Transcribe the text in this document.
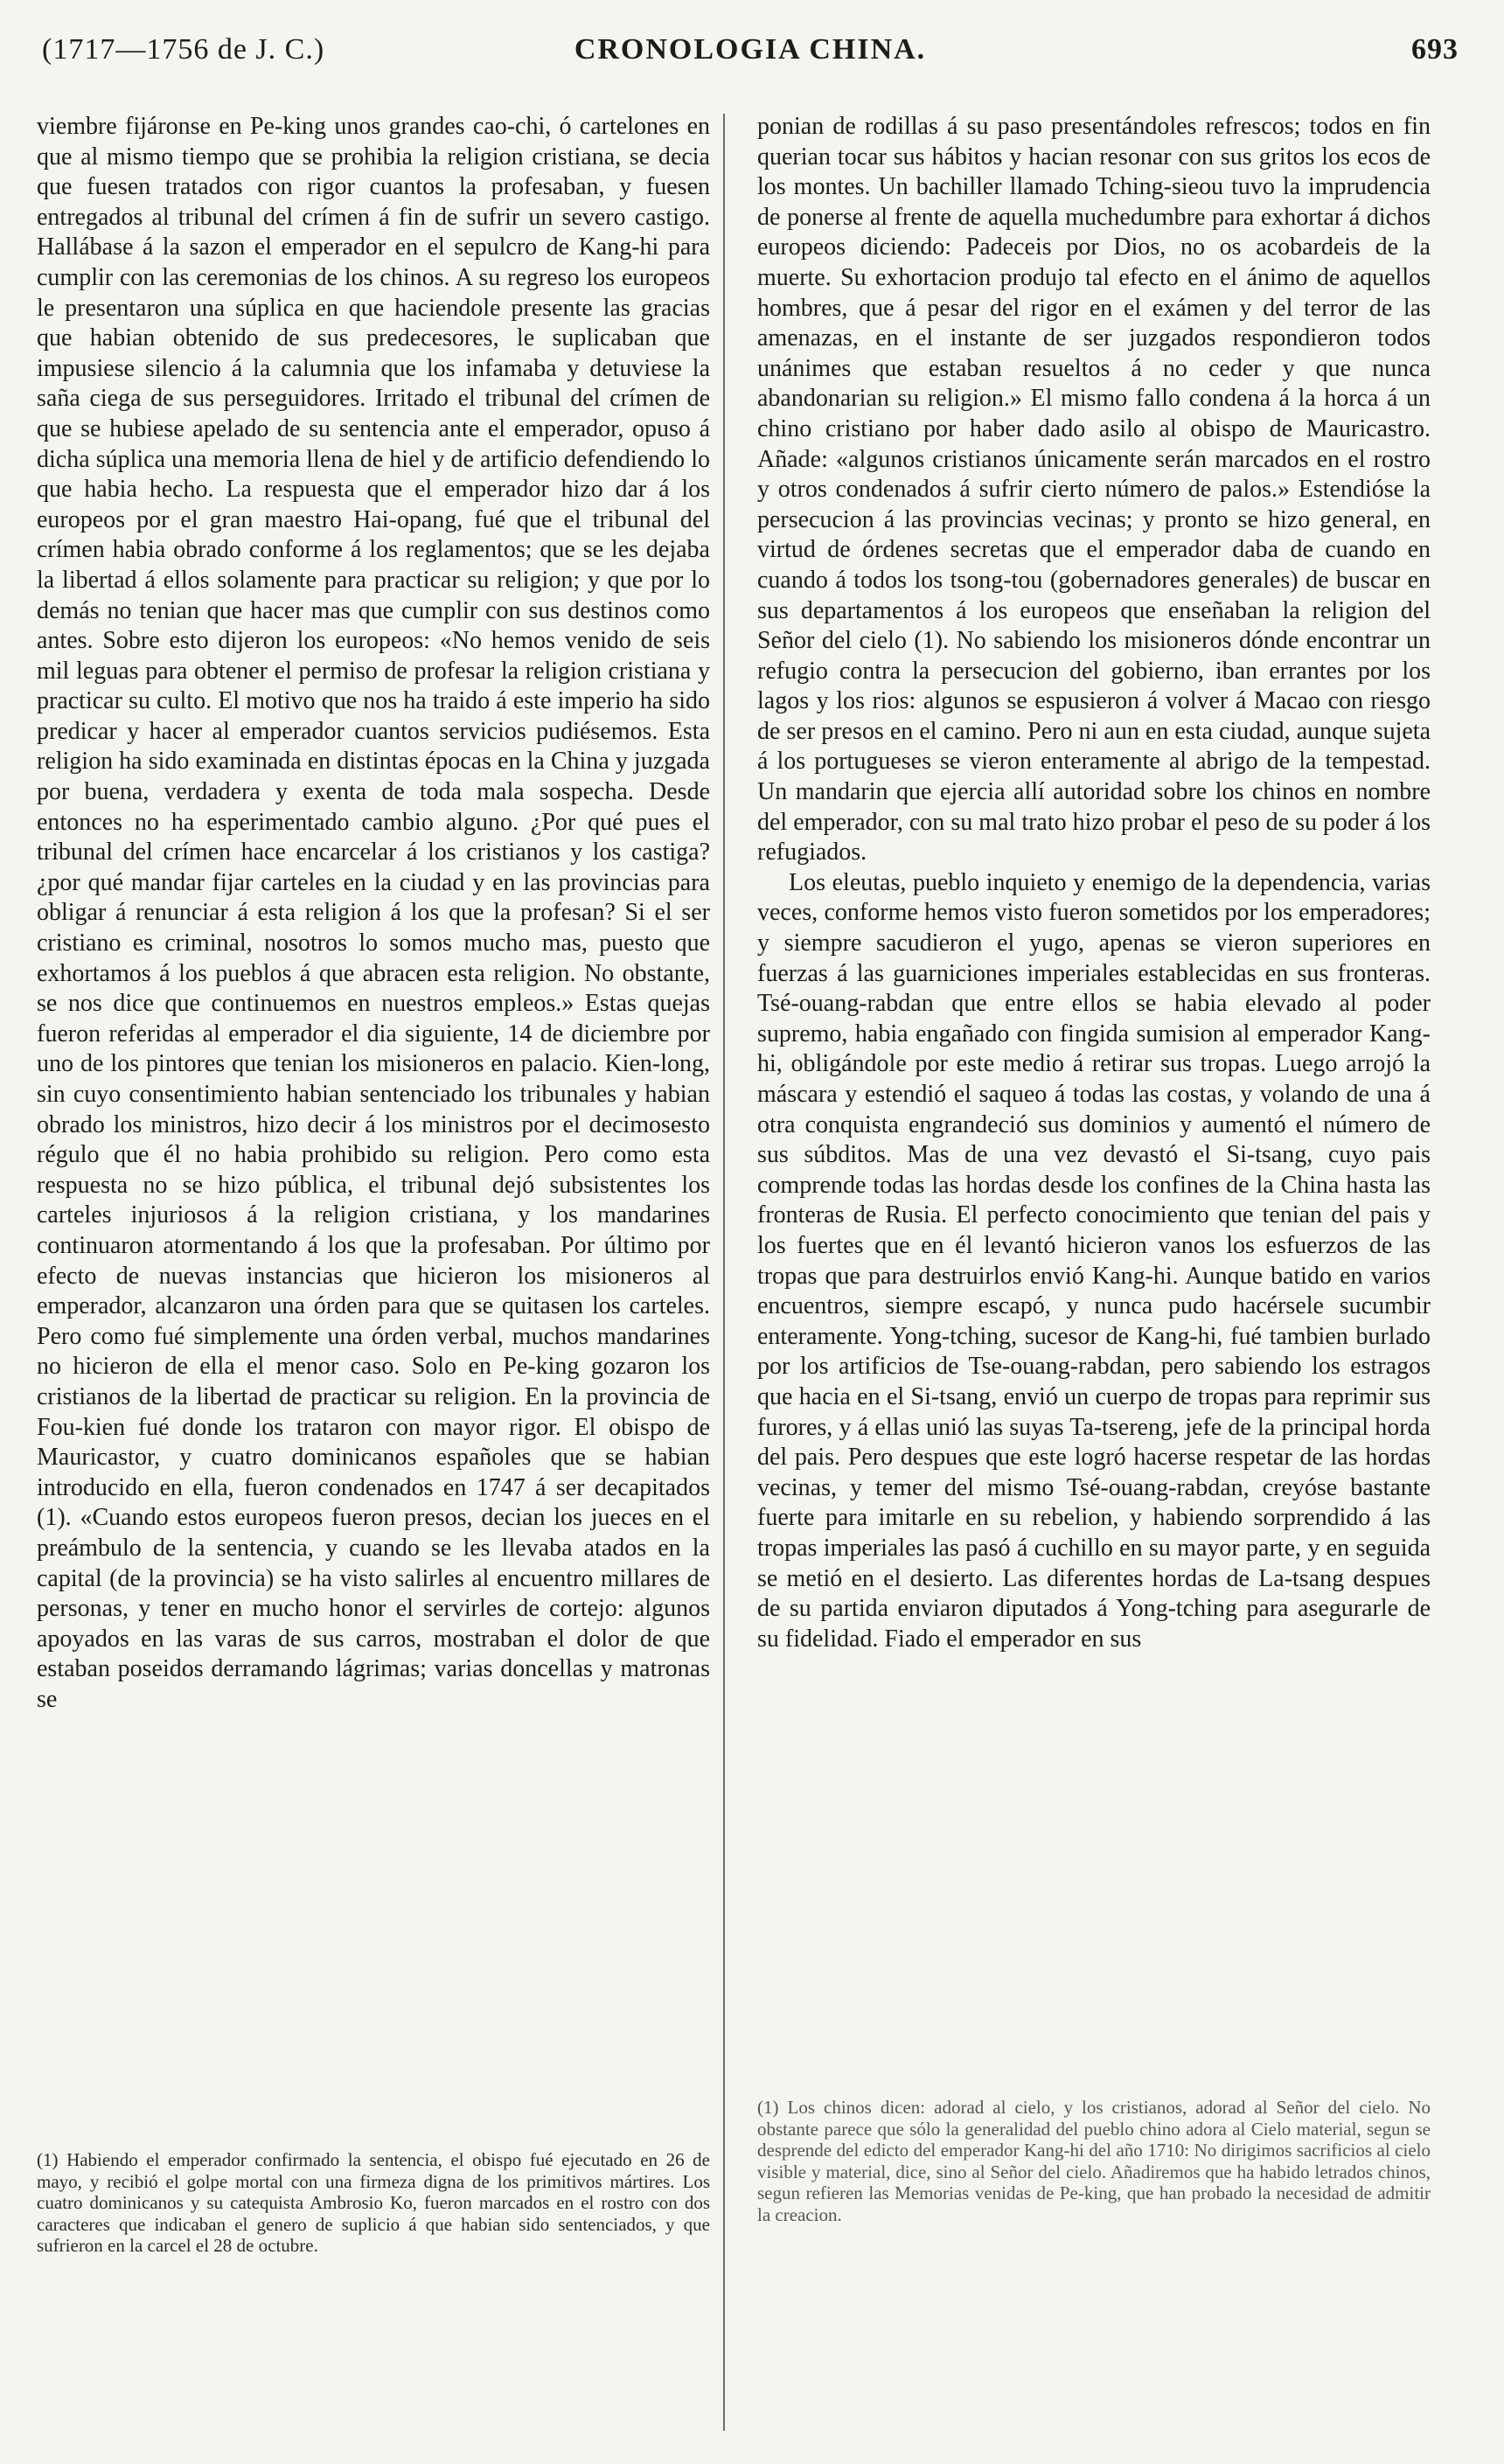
(1717—1756 de J. C.)	CRONOLOGIA CHINA.	693

viembre fijáronse en Pe-king unos grandes cao-chi, ó cartelones en que al mismo tiempo que se prohibia la religion cristiana, se decia que fuesen tratados con rigor cuantos la profesaban, y fuesen entregados al tribunal del crímen á fin de sufrir un severo castigo. Hallábase á la sazon el emperador en el sepulcro de Kang-hi para cumplir con las ceremonias de los chinos. A su regreso los europeos le presentaron una súplica en que haciendole presente las gracias que habian obtenido de sus predecesores, le suplicaban que impusiese silencio á la calumnia que los infamaba y detuviese la saña ciega de sus perseguidores. Irritado el tribunal del crímen de que se hubiese apelado de su sentencia ante el emperador, opuso á dicha súplica una memoria llena de hiel y de artificio defendiendo lo que habia hecho. La respuesta que el emperador hizo dar á los europeos por el gran maestro Hai-opang, fué que el tribunal del crímen habia obrado conforme á los reglamentos; que se les dejaba la libertad á ellos solamente para practicar su religion; y que por lo demás no tenian que hacer mas que cumplir con sus destinos como antes. Sobre esto dijeron los europeos: «No hemos venido de seis mil leguas para obtener el permiso de profesar la religion cristiana y practicar su culto. El motivo que nos ha traido á este imperio ha sido predicar y hacer al emperador cuantos servicios pudiésemos. Esta religion ha sido examinada en distintas épocas en la China y juzgada por buena, verdadera y exenta de toda mala sospecha. Desde entonces no ha esperimentado cambio alguno. ¿Por qué pues el tribunal del crímen hace encarcelar á los cristianos y los castiga? ¿por qué mandar fijar carteles en la ciudad y en las provincias para obligar á renunciar á esta religion á los que la profesan? Si el ser cristiano es criminal, nosotros lo somos mucho mas, puesto que exhortamos á los pueblos á que abracen esta religion. No obstante, se nos dice que continuemos en nuestros empleos.» Estas quejas fueron referidas al emperador el dia siguiente, 14 de diciembre por uno de los pintores que tenian los misioneros en palacio. Kien-long, sin cuyo consentimiento habian sentenciado los tribunales y habian obrado los ministros, hizo decir á los ministros por el decimosesto régulo que él no habia prohibido su religion. Pero como esta respuesta no se hizo pública, el tribunal dejó subsistentes los carteles injuriosos á la religion cristiana, y los mandarines continuaron atormentando á los que la profesaban. Por último por efecto de nuevas instancias que hicieron los misioneros al emperador, alcanzaron una órden para que se quitasen los carteles. Pero como fué simplemente una órden verbal, muchos mandarines no hicieron de ella el menor caso. Solo en Pe-king gozaron los cristianos de la libertad de practicar su religion. En la provincia de Fou-kien fué donde los trataron con mayor rigor. El obispo de Mauricastor, y cuatro dominicanos españoles que se habian introducido en ella, fueron condenados en 1747 á ser decapitados (1). «Cuando estos europeos fueron presos, decian los jueces en el preámbulo de la sentencia, y cuando se les llevaba atados en la capital (de la provincia) se ha visto salirles al encuentro millares de personas, y tener en mucho honor el servirles de cortejo: algunos apoyados en las varas de sus carros, mostraban el dolor de que estaban poseidos derramando lágrimas; varias doncellas y matronas se

ponian de rodillas á su paso presentándoles refrescos; todos en fin querian tocar sus hábitos y hacian resonar con sus gritos los ecos de los montes. Un bachiller llamado Tching-sieou tuvo la imprudencia de ponerse al frente de aquella muchedumbre para exhortar á dichos europeos diciendo: Padeceis por Dios, no os acobardeis de la muerte. Su exhortacion produjo tal efecto en el ánimo de aquellos hombres, que á pesar del rigor en el exámen y del terror de las amenazas, en el instante de ser juzgados respondieron todos unánimes que estaban resueltos á no ceder y que nunca abandonarian su religion.» El mismo fallo condena á la horca á un chino cristiano por haber dado asilo al obispo de Mauricastro. Añade: «algunos cristianos únicamente serán marcados en el rostro y otros condenados á sufrir cierto número de palos.» Estendióse la persecucion á las provincias vecinas; y pronto se hizo general, en virtud de órdenes secretas que el emperador daba de cuando en cuando á todos los tsong-tou (gobernadores generales) de buscar en sus departamentos á los europeos que enseñaban la religion del Señor del cielo (1). No sabiendo los misioneros dónde encontrar un refugio contra la persecucion del gobierno, iban errantes por los lagos y los rios: algunos se espusieron á volver á Macao con riesgo de ser presos en el camino. Pero ni aun en esta ciudad, aunque sujeta á los portugueses se vieron enteramente al abrigo de la tempestad. Un mandarin que ejercia allí autoridad sobre los chinos en nombre del emperador, con su mal trato hizo probar el peso de su poder á los refugiados.

Los eleutas, pueblo inquieto y enemigo de la dependencia, varias veces, conforme hemos visto fueron sometidos por los emperadores; y siempre sacudieron el yugo, apenas se vieron superiores en fuerzas á las guarniciones imperiales establecidas en sus fronteras. Tsé-ouang-rabdan que entre ellos se habia elevado al poder supremo, habia engañado con fingida sumision al emperador Kang-hi, obligándole por este medio á retirar sus tropas. Luego arrojó la máscara y estendió el saqueo á todas las costas, y volando de una á otra conquista engrandeció sus dominios y aumentó el número de sus súbditos. Mas de una vez devastó el Si-tsang, cuyo pais comprende todas las hordas desde los confines de la China hasta las fronteras de Rusia. El perfecto conocimiento que tenian del pais y los fuertes que en él levantó hicieron vanos los esfuerzos de las tropas que para destruirlos envió Kang-hi. Aunque batido en varios encuentros, siempre escapó, y nunca pudo hacérsele sucumbir enteramente. Yong-tching, sucesor de Kang-hi, fué tambien burlado por los artificios de Tse-ouang-rabdan, pero sabiendo los estragos que hacia en el Si-tsang, envió un cuerpo de tropas para reprimir sus furores, y á ellas unió las suyas Ta-tsereng, jefe de la principal horda del pais. Pero despues que este logró hacerse respetar de las hordas vecinas, y temer del mismo Tsé-ouang-rabdan, creyóse bastante fuerte para imitarle en su rebelion, y habiendo sorprendido á las tropas imperiales las pasó á cuchillo en su mayor parte, y en seguida se metió en el desierto. Las diferentes hordas de La-tsang despues de su partida enviaron diputados á Yong-tching para asegurarle de su fidelidad. Fiado el emperador en sus

(1) Habiendo el emperador confirmado la sentencia, el obispo fué ejecutado en 26 de mayo, y recibió el golpe mortal con una firmeza digna de los primitivos mártires. Los cuatro dominicanos y su catequista Ambrosio Ko, fueron marcados en el rostro con dos caracteres que indicaban el genero de suplicio á que habian sido sentenciados, y que sufrieron en la carcel el 28 de octubre.
(1) Los chinos dicen: adorad al cielo, y los cristianos, adorad al Señor del cielo. No obstante parece que sólo la generalidad del pueblo chino adora al Cielo material, segun se desprende del edicto del emperador Kang-hi del año 1710: No dirigimos sacrificios al cielo visible y material, dice, sino al Señor del cielo. Añadiremos que ha habido letrados chinos, segun refieren las Memorias venidas de Pe-king, que han probado la necesidad de admitir la creacion.
